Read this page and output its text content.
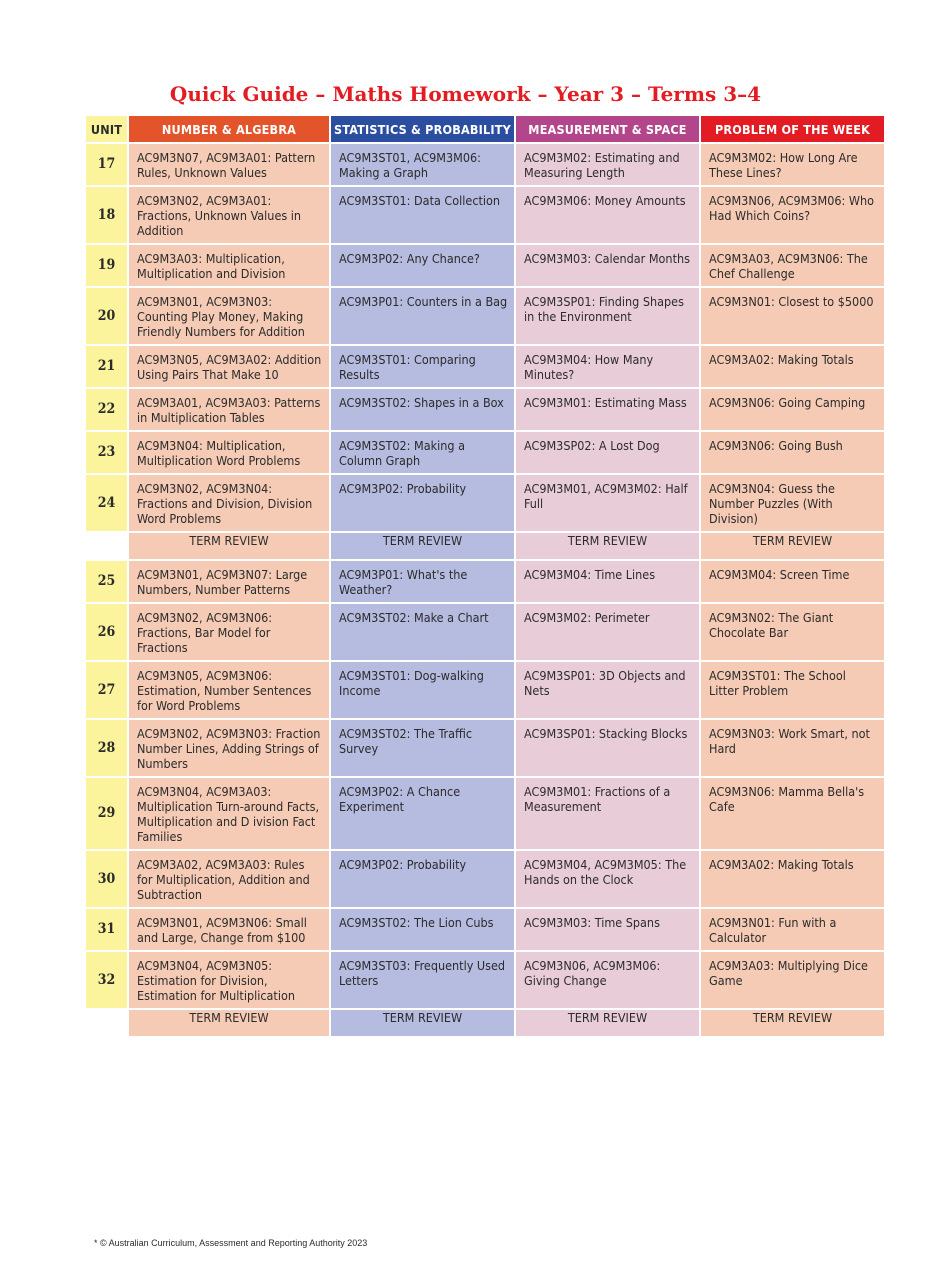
Quick Guide – Maths Homework – Year 3 – Terms 3–4
UNIT	NUMBER & ALGEBRA	STATISTICS & PROBABILITY	MEASUREMENT & SPACE	PROBLEM OF THE WEEK
17	AC9M3N07, AC9M3A01: Pattern Rules, Unknown Values	AC9M3ST01, AC9M3M06: Making a Graph	AC9M3M02: Estimating and Measuring Length	AC9M3M02: How Long Are These Lines?

18	AC9M3N02, AC9M3A01: Fractions, Unknown Values in Addition	AC9M3ST01: Data Collection	AC9M3M06: Money Amounts	AC9M3N06, AC9M3M06: Who Had Which Coins?

19	AC9M3A03: Multiplication, Multiplication and Division	AC9M3P02: Any Chance?	AC9M3M03: Calendar Months	AC9M3A03, AC9M3N06: The Chef Challenge

20	AC9M3N01, AC9M3N03: Counting Play Money, Making Friendly Numbers for Addition	AC9M3P01: Counters in a Bag	AC9M3SP01: Finding Shapes in the Environment	AC9M3N01: Closest to $5000

21	AC9M3N05, AC9M3A02: Addition Using Pairs That Make 10	AC9M3ST01: Comparing Results	AC9M3M04: How Many Minutes?	AC9M3A02: Making Totals

22	AC9M3A01, AC9M3A03: Patterns in Multiplication Tables	AC9M3ST02: Shapes in a Box	AC9M3M01: Estimating Mass	AC9M3N06: Going Camping

23	AC9M3N04: Multiplication, Multiplication Word Problems	AC9M3ST02: Making a Column Graph	AC9M3SP02: A Lost Dog	AC9M3N06: Going Bush

24	AC9M3N02, AC9M3N04: Fractions and Division, Division Word Problems	AC9M3P02: Probability	AC9M3M01, AC9M3M02: Half Full	AC9M3N04: Guess the Number Puzzles (With Division)

	TERM REVIEW	TERM REVIEW	TERM REVIEW	TERM REVIEW
25	AC9M3N01, AC9M3N07: Large Numbers, Number Patterns	AC9M3P01: What's the Weather?	AC9M3M04: Time Lines	AC9M3M04: Screen Time

26	AC9M3N02, AC9M3N06: Fractions, Bar Model for Fractions	AC9M3ST02: Make a Chart	AC9M3M02: Perimeter	AC9M3N02: The Giant Chocolate Bar

27	AC9M3N05, AC9M3N06: Estimation, Number Sentences for Word Problems	AC9M3ST01: Dog-walking Income	AC9M3SP01: 3D Objects and Nets	AC9M3ST01: The School Litter Problem

28	AC9M3N02, AC9M3N03: Fraction Number Lines, Adding Strings of Numbers	AC9M3ST02: The Traffic Survey	AC9M3SP01: Stacking Blocks	AC9M3N03: Work Smart, not Hard

29	AC9M3N04, AC9M3A03: Multiplication Turn-around Facts, Multiplication and D ivision Fact Families	AC9M3P02: A Chance Experiment	AC9M3M01: Fractions of a Measurement	AC9M3N06: Mamma Bella's Cafe

30	AC9M3A02, AC9M3A03: Rules for Multiplication, Addition and Subtraction	AC9M3P02: Probability	AC9M3M04, AC9M3M05: The Hands on the Clock	AC9M3A02: Making Totals

31	AC9M3N01, AC9M3N06: Small and Large, Change from $100	AC9M3ST02: The Lion Cubs	AC9M3M03: Time Spans	AC9M3N01: Fun with a Calculator

32	AC9M3N04, AC9M3N05: Estimation for Division, Estimation for Multiplication	AC9M3ST03: Frequently Used Letters	AC9M3N06, AC9M3M06: Giving Change	AC9M3A03: Multiplying Dice Game

	TERM REVIEW	TERM REVIEW	TERM REVIEW	TERM REVIEW
* © Australian Curriculum, Assessment and Reporting Authority 2023
